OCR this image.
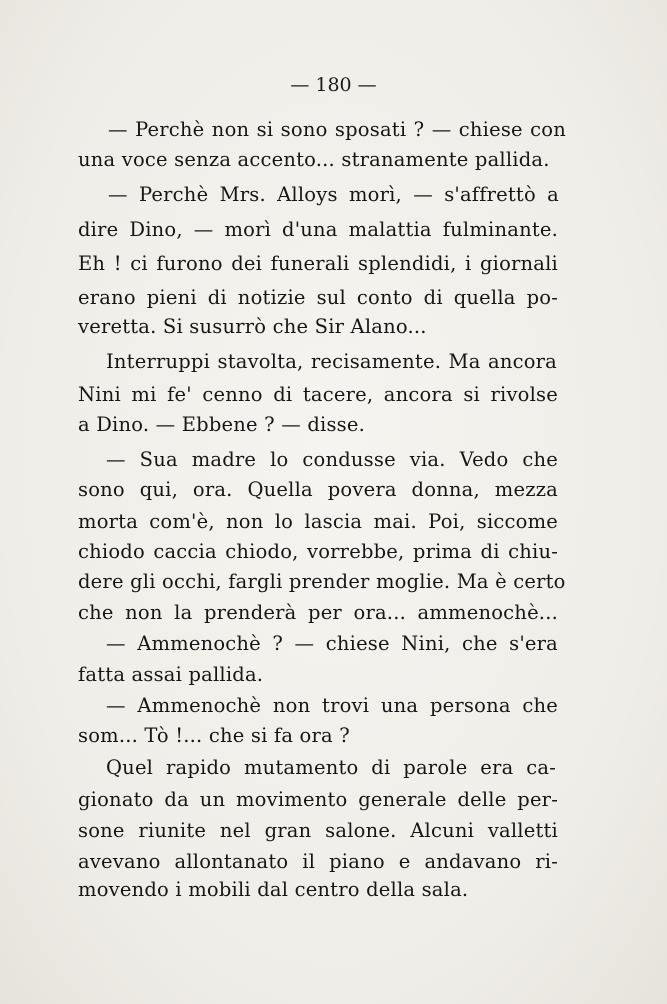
— 180 —
— Perchè non si sono sposati ? — chiese con
una voce senza accento... stranamente pallida.
— Perchè Mrs. Alloys morì, — s'affrettò a
dire Dino, — morì d'una malattia fulminante.
Eh ! ci furono dei funerali splendidi, i giornali
erano pieni di notizie sul conto di quella po-
veretta. Si susurrò che Sir Alano...
Interruppi stavolta, recisamente. Ma ancora
Nini mi fe' cenno di tacere, ancora si rivolse
a Dino. — Ebbene ? — disse.
— Sua madre lo condusse via. Vedo che
sono qui, ora. Quella povera donna, mezza
morta com'è, non lo lascia mai. Poi, siccome
chiodo caccia chiodo, vorrebbe, prima di chiu-
dere gli occhi, fargli prender moglie. Ma è certo
che non la prenderà per ora... ammenochè...
— Ammenochè ? — chiese Nini, che s'era
fatta assai pallida.
— Ammenochè non trovi una persona che
som... Tò !... che si fa ora ?
Quel rapido mutamento di parole era ca-
gionato da un movimento generale delle per-
sone riunite nel gran salone. Alcuni valletti
avevano allontanato il piano e andavano ri-
movendo i mobili dal centro della sala.
